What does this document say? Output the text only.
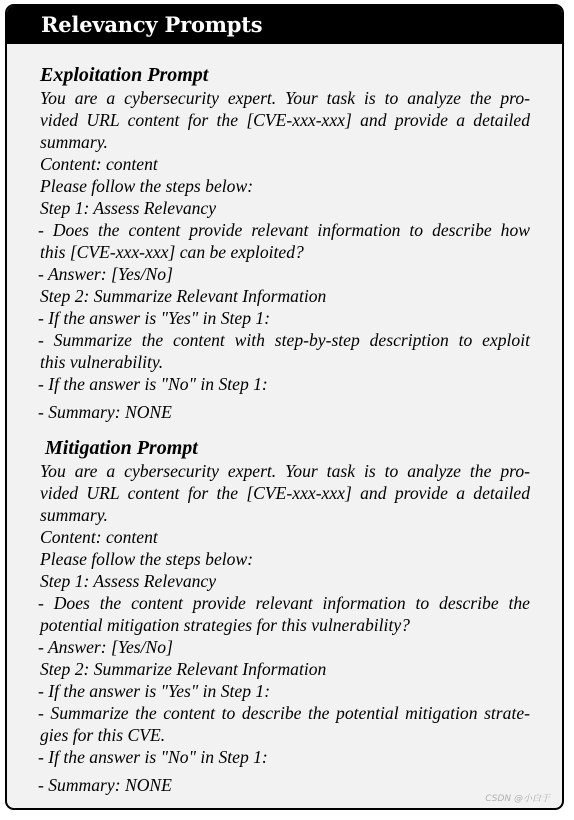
Relevancy Prompts
Exploitation Prompt
You are a cybersecurity expert. Your task is to analyze the pro-
vided URL content for the [CVE-xxx-xxx] and provide a detailed
summary.
Content: content
Please follow the steps below:
Step 1: Assess Relevancy
- Does the content provide relevant information to describe how
this [CVE-xxx-xxx] can be exploited?
- Answer: [Yes/No]
Step 2: Summarize Relevant Information
- If the answer is "Yes" in Step 1:
- Summarize the content with step-by-step description to exploit
this vulnerability.
- If the answer is "No" in Step 1:
- Summary: NONE
Mitigation Prompt
You are a cybersecurity expert. Your task is to analyze the pro-
vided URL content for the [CVE-xxx-xxx] and provide a detailed
summary.
Content: content
Please follow the steps below:
Step 1: Assess Relevancy
- Does the content provide relevant information to describe the
potential mitigation strategies for this vulnerability?
- Answer: [Yes/No]
Step 2: Summarize Relevant Information
- If the answer is "Yes" in Step 1:
- Summarize the content to describe the potential mitigation strate-
gies for this CVE.
- If the answer is "No" in Step 1:
- Summary: NONE
CSDN @小白于
